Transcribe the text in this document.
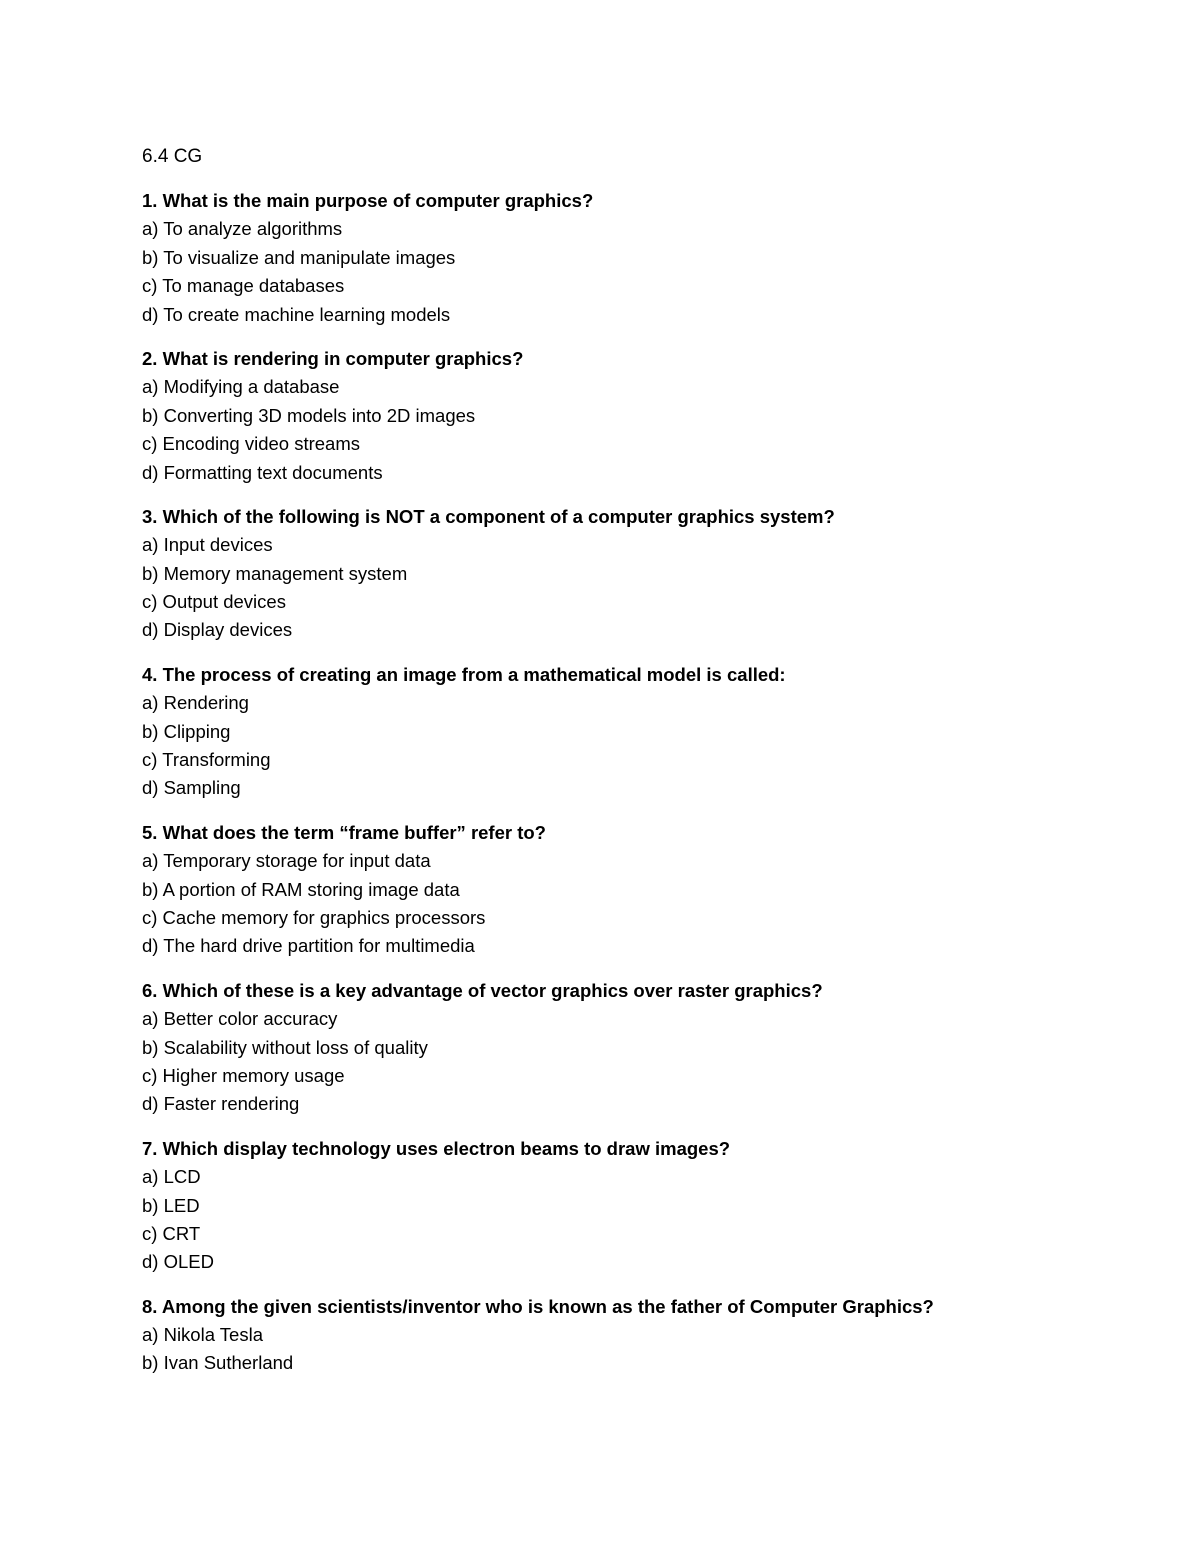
6.4 CG
1. What is the main purpose of computer graphics?
a) To analyze algorithms
b) To visualize and manipulate images
c) To manage databases
d) To create machine learning models
2. What is rendering in computer graphics?
a) Modifying a database
b) Converting 3D models into 2D images
c) Encoding video streams
d) Formatting text documents
3. Which of the following is NOT a component of a computer graphics system?
a) Input devices
b) Memory management system
c) Output devices
d) Display devices
4. The process of creating an image from a mathematical model is called:
a) Rendering
b) Clipping
c) Transforming
d) Sampling
5. What does the term “frame buffer” refer to?
a) Temporary storage for input data
b) A portion of RAM storing image data
c) Cache memory for graphics processors
d) The hard drive partition for multimedia
6. Which of these is a key advantage of vector graphics over raster graphics?
a) Better color accuracy
b) Scalability without loss of quality
c) Higher memory usage
d) Faster rendering
7. Which display technology uses electron beams to draw images?
a) LCD
b) LED
c) CRT
d) OLED
8. Among the given scientists/inventor who is known as the father of Computer Graphics?
a) Nikola Tesla
b) Ivan Sutherland
